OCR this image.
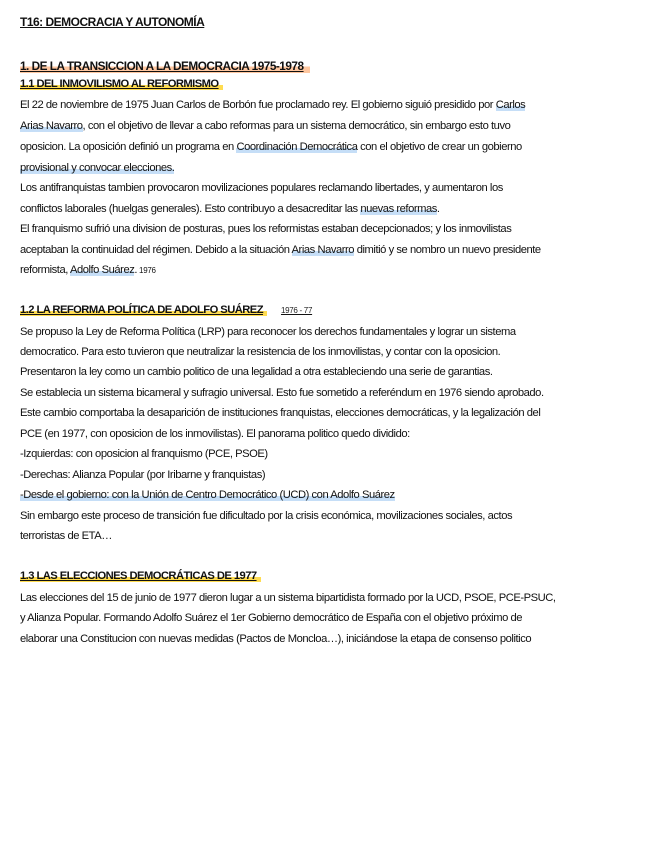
T16: DEMOCRACIA Y AUTONOMÍA
1. DE LA TRANSICCION A LA DEMOCRACIA 1975-1978
1.1 DEL INMOVILISMO AL REFORMISMO
El 22 de noviembre de 1975 Juan Carlos de Borbón fue proclamado rey. El gobierno siguió presidido por Carlos
Arias Navarro, con el objetivo de llevar a cabo reformas para un sistema democrático, sin embargo esto tuvo
oposicion. La oposición definió un programa en Coordinación Democrática con el objetivo de crear un gobierno
provisional y convocar elecciones.
Los antifranquistas tambien provocaron movilizaciones populares reclamando libertades, y aumentaron los
conflictos laborales (huelgas generales). Esto contribuyo a desacreditar las nuevas reformas.
El franquismo sufrió una division de posturas, pues los reformistas estaban decepcionados; y los inmovilistas
aceptaban la continuidad del régimen. Debido a la situación Arias Navarro dimitió y se nombro un nuevo presidente
reformista, Adolfo Suárez. 1976
1.2 LA REFORMA POLÍTICA DE ADOLFO SUÁREZ 1976 - 77
Se propuso la Ley de Reforma Política (LRP) para reconocer los derechos fundamentales y lograr un sistema
democratico. Para esto tuvieron que neutralizar la resistencia de los inmovilistas, y contar con la oposicion.
Presentaron la ley como un cambio politico de una legalidad a otra estableciendo una serie de garantias.
Se establecia un sistema bicameral y sufragio universal. Esto fue sometido a referéndum en 1976 siendo aprobado.
Este cambio comportaba la desaparición de instituciones franquistas, elecciones democráticas, y la legalización del
PCE (en 1977, con oposicion de los inmovilistas). El panorama politico quedo dividido:
-Izquierdas: con oposicion al franquismo (PCE, PSOE)
-Derechas: Alianza Popular (por Iribarne y franquistas)
-Desde el gobierno: con la Unión de Centro Democrático (UCD) con Adolfo Suárez
Sin embargo este proceso de transición fue dificultado por la crisis económica, movilizaciones sociales, actos
terroristas de ETA…
1.3 LAS ELECCIONES DEMOCRÁTICAS DE 1977
Las elecciones del 15 de junio de 1977 dieron lugar a un sistema bipartidista formado por la UCD, PSOE, PCE-PSUC,
y Alianza Popular. Formando Adolfo Suárez el 1er Gobierno democrático de España con el objetivo próximo de
elaborar una Constitucion con nuevas medidas (Pactos de Moncloa…), iniciándose la etapa de consenso politico
